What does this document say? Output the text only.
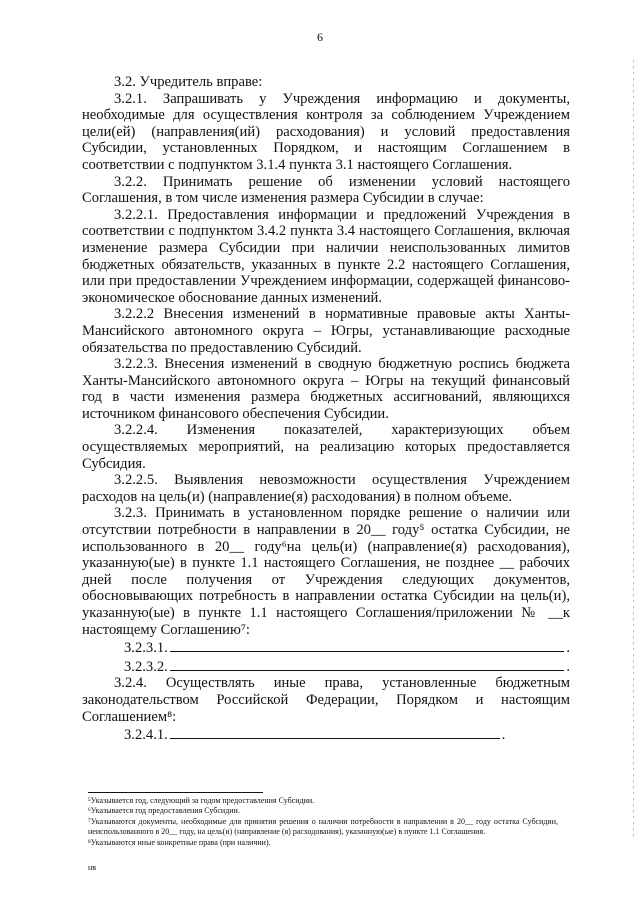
6

3.2. Учредитель вправе:

3.2.1. Запрашивать у Учреждения информацию и документы, необходимые для осуществления контроля за соблюдением Учреждением цели(ей) (направления(ий) расходования) и условий предоставления Субсидии, установленных Порядком, и настоящим Соглашением в соответствии с подпунктом 3.1.4 пункта 3.1 настоящего Соглашения.

3.2.2. Принимать решение об изменении условий настоящего Соглашения, в том числе изменения размера Субсидии в случае:

3.2.2.1. Предоставления информации и предложений Учреждения в соответствии с подпунктом 3.4.2 пункта 3.4 настоящего Соглашения, включая изменение размера Субсидии при наличии неиспользованных лимитов бюджетных обязательств, указанных в пункте 2.2 настоящего Соглашения, или при предоставлении Учреждением информации, содержащей финансово-экономическое обоснование данных изменений.

3.2.2.2 Внесения изменений в нормативные правовые акты Ханты-Мансийского автономного округа – Югры, устанавливающие расходные обязательства по предоставлению Субсидий.

3.2.2.3. Внесения изменений в сводную бюджетную роспись бюджета Ханты-Мансийского автономного округа – Югры на текущий финансовый год в части изменения размера бюджетных ассигнований, являющихся источником финансового обеспечения Субсидии.

3.2.2.4. Изменения показателей, характеризующих объем осуществляемых мероприятий, на реализацию которых предоставляется Субсидия.

3.2.2.5. Выявления невозможности осуществления Учреждением расходов на цель(и) (направление(я) расходования) в полном объеме.

3.2.3. Принимать в установленном порядке решение о наличии или отсутствии потребности в направлении в 20__ году⁵ остатка Субсидии, не использованного в 20__ году⁶на цель(и) (направление(я) расходования), указанную(ые) в пункте 1.1 настоящего Соглашения, не позднее __ рабочих дней после получения от Учреждения следующих документов, обосновывающих потребность в направлении остатка Субсидии на цель(и), указанную(ые) в пункте 1.1 настоящего Соглашения/приложении № __к настоящему Соглашению⁷:

3.2.3.1.	.
3.2.3.2.	.

3.2.4. Осуществлять иные права, установленные бюджетным законодательством Российской Федерации, Порядком и настоящим Соглашением⁸:

3.2.4.1.	.

⁵Указывается год, следующий за годом предоставления Субсидии.

⁶Указывается год предоставления Субсидии.

⁷Указываются документы, необходимые для принятия решения о наличии потребности в направлении в 20__ году остатка Субсидии, неиспользованного в 20__ году, на цель(и) (направление (я) расходования), указанную(ые) в пункте 1.1 Соглашения.

⁸Указываются иные конкретные права (при наличии).

нв
